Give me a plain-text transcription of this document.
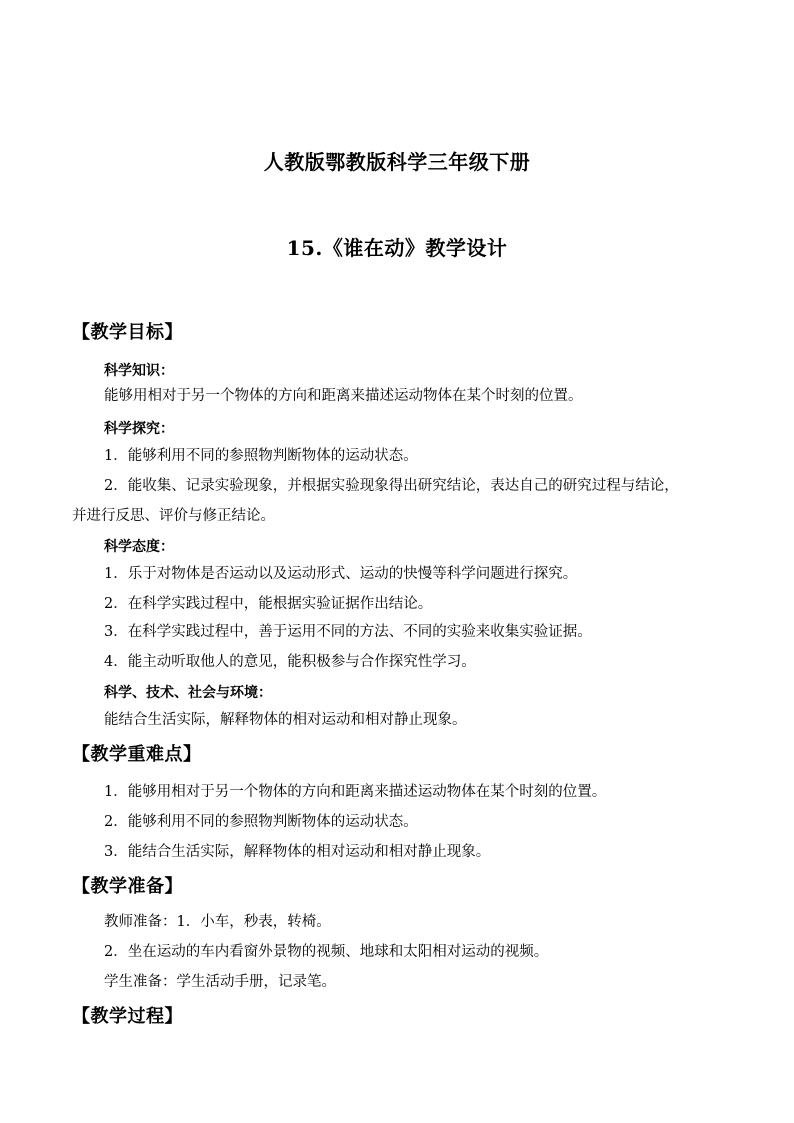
人教版鄂教版科学三年级下册
15.《谁在动》教学设计
【教学目标】
科学知识：
能够用相对于另一个物体的方向和距离来描述运动物体在某个时刻的位置。
科学探究：
1．能够利用不同的参照物判断物体的运动状态。
2．能收集、记录实验现象，并根据实验现象得出研究结论，表达自己的研究过程与结论，
并进行反思、评价与修正结论。
科学态度：
1．乐于对物体是否运动以及运动形式、运动的快慢等科学问题进行探究。
2．在科学实践过程中，能根据实验证据作出结论。
3．在科学实践过程中，善于运用不同的方法、不同的实验来收集实验证据。
4．能主动听取他人的意见，能积极参与合作探究性学习。
科学、技术、社会与环境：
能结合生活实际，解释物体的相对运动和相对静止现象。
【教学重难点】
1．能够用相对于另一个物体的方向和距离来描述运动物体在某个时刻的位置。
2．能够利用不同的参照物判断物体的运动状态。
3．能结合生活实际，解释物体的相对运动和相对静止现象。
【教学准备】
教师准备：1．小车，秒表，转椅。
2．坐在运动的车内看窗外景物的视频、地球和太阳相对运动的视频。
学生准备：学生活动手册，记录笔。
【教学过程】
